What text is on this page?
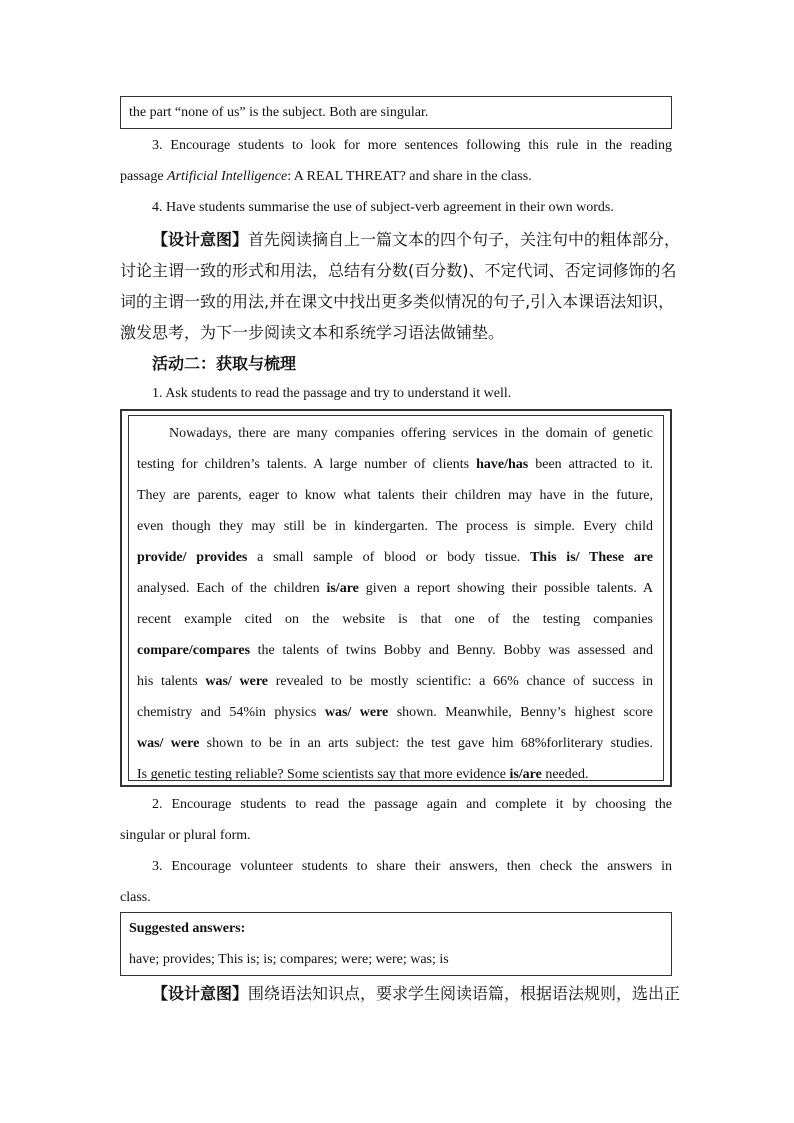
the part “none of us” is the subject. Both are singular.
3. Encourage students to look for more sentences following this rule in the reading
passage Artificial Intelligence: A REAL THREAT? and share in the class.
4. Have students summarise the use of subject-verb agreement in their own words.
【设计意图】首先阅读摘自上一篇文本的四个句子，关注句中的粗体部分，
讨论主谓一致的形式和用法，总结有分数(百分数)、不定代词、否定词修饰的名
词的主谓一致的用法,并在课文中找出更多类似情况的句子,引入本课语法知识，
激发思考，为下一步阅读文本和系统学习语法做铺垫。
活动二：获取与梳理
1. Ask students to read the passage and try to understand it well.
Nowadays, there are many companies offering services in the domain of genetic
testing for children’s talents. A large number of clients have/has been attracted to it.
They are parents, eager to know what talents their children may have in the future,
even though they may still be in kindergarten. The process is simple. Every child
provide/ provides a small sample of blood or body tissue. This is/ These are
analysed. Each of the children is/are given a report showing their possible talents. A
recent example cited on the website is that one of the testing companies
compare/compares the talents of twins Bobby and Benny. Bobby was assessed and
his talents was/ were revealed to be mostly scientific: a 66% chance of success in
chemistry and 54%in physics was/ were shown. Meanwhile, Benny’s highest score
was/ were shown to be in an arts subject: the test gave him 68%forliterary studies.
Is genetic testing reliable? Some scientists say that more evidence is/are needed.
2. Encourage students to read the passage again and complete it by choosing the
singular or plural form.
3. Encourage volunteer students to share their answers, then check the answers in
class.
Suggested answers:
have; provides; This is; is; compares; were; were; was; is
【设计意图】围绕语法知识点，要求学生阅读语篇，根据语法规则，选出正
